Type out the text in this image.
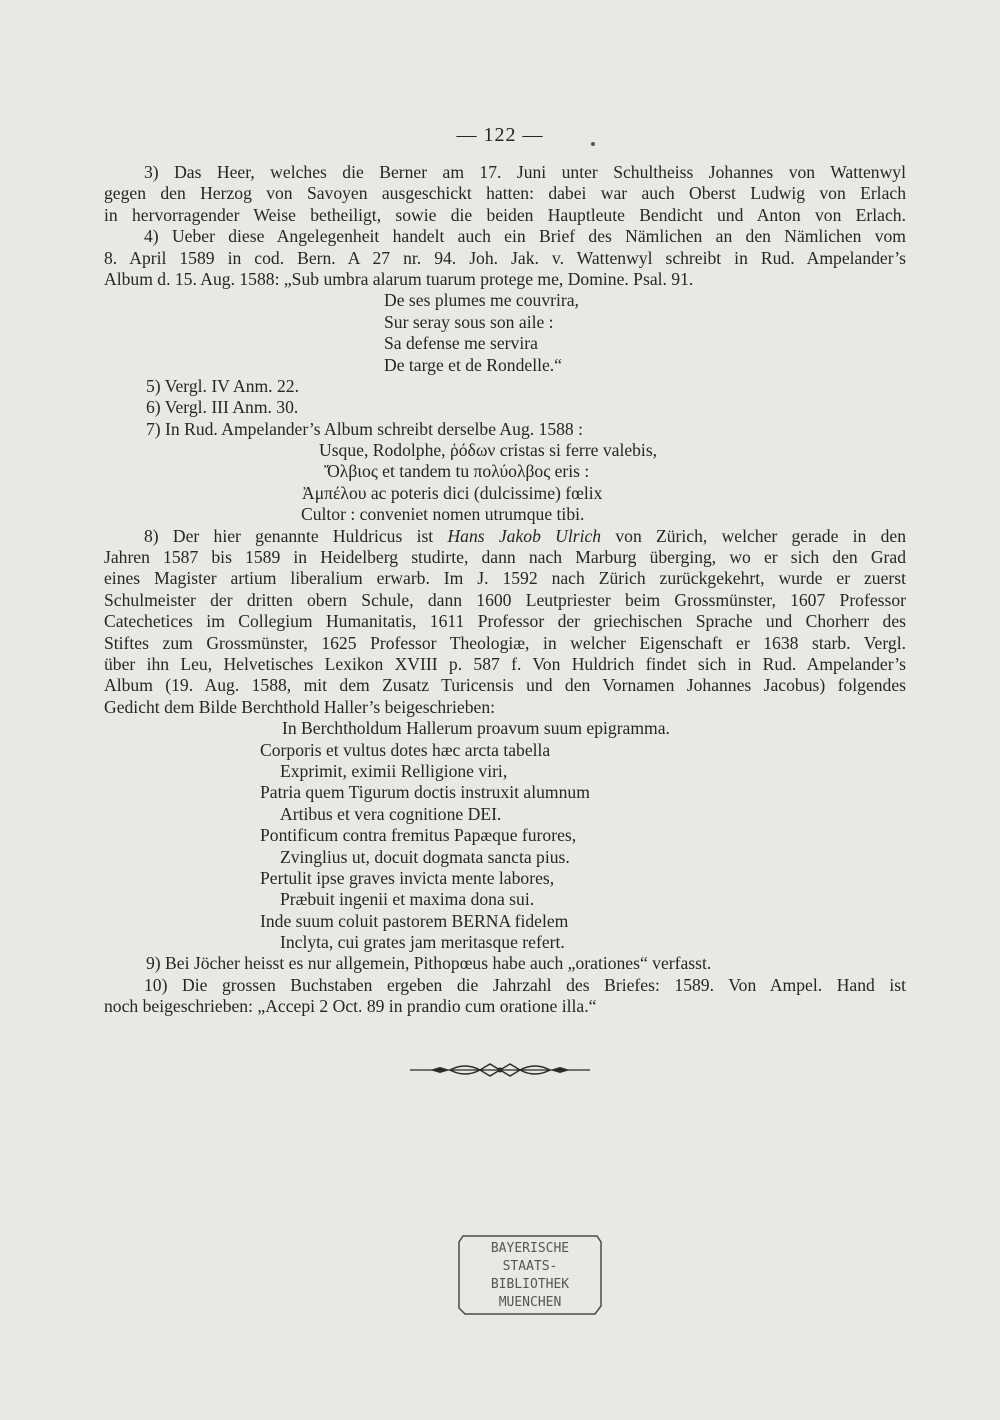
— 122 —
3) Das Heer, welches die Berner am 17. Juni unter Schultheiss Johannes von Wattenwyl
gegen den Herzog von Savoyen ausgeschickt hatten: dabei war auch Oberst Ludwig von Erlach
in hervorragender Weise betheiligt, sowie die beiden Hauptleute Bendicht und Anton von Erlach.
4) Ueber diese Angelegenheit handelt auch ein Brief des Nämlichen an den Nämlichen vom
8. April 1589 in cod. Bern. A 27 nr. 94. Joh. Jak. v. Wattenwyl schreibt in Rud. Ampelander’s
Album d. 15. Aug. 1588: „Sub umbra alarum tuarum protege me, Domine. Psal. 91.
De ses plumes me couvrira,
Sur seray sous son aile :
Sa defense me servira
De targe et de Rondelle.“
5) Vergl. IV Anm. 22.
6) Vergl. III Anm. 30.
7) In Rud. Ampelander’s Album schreibt derselbe Aug. 1588 :
Usque, Rodolphe, ῥόδων cristas si ferre valebis,
Ὄλβιος et tandem tu πολύολβος eris :
Ἀμπέλου ac poteris dici (dulcissime) fœlix
Cultor : conveniet nomen utrumque tibi.
8) Der hier genannte Huldricus ist Hans Jakob Ulrich von Zürich, welcher gerade in den
Jahren 1587 bis 1589 in Heidelberg studirte, dann nach Marburg überging, wo er sich den Grad
eines Magister artium liberalium erwarb. Im J. 1592 nach Zürich zurückgekehrt, wurde er zuerst
Schulmeister der dritten obern Schule, dann 1600 Leutpriester beim Grossmünster, 1607 Professor
Catechetices im Collegium Humanitatis, 1611 Professor der griechischen Sprache und Chorherr des
Stiftes zum Grossmünster, 1625 Professor Theologiæ, in welcher Eigenschaft er 1638 starb. Vergl.
über ihn Leu, Helvetisches Lexikon XVIII p. 587 f. Von Huldrich findet sich in Rud. Ampelander’s
Album (19. Aug. 1588, mit dem Zusatz Turicensis und den Vornamen Johannes Jacobus) folgendes
Gedicht dem Bilde Berchthold Haller’s beigeschrieben:
In Berchtholdum Hallerum proavum suum epigramma.
Corporis et vultus dotes hæc arcta tabella
Exprimit, eximii Relligione viri,
Patria quem Tigurum doctis instruxit alumnum
Artibus et vera cognitione DEI.
Pontificum contra fremitus Papæque furores,
Zvinglius ut, docuit dogmata sancta pius.
Pertulit ipse graves invicta mente labores,
Præbuit ingenii et maxima dona sui.
Inde suum coluit pastorem BERNA fidelem
Inclyta, cui grates jam meritasque refert.
9) Bei Jöcher heisst es nur allgemein, Pithopœus habe auch „orationes“ verfasst.
10) Die grossen Buchstaben ergeben die Jahrzahl des Briefes: 1589. Von Ampel. Hand ist
noch beigeschrieben: „Accepi 2 Oct. 89 in prandio cum oratione illa.“
BAYERISCHE
STAATS-
BIBLIOTHEK
MUENCHEN
